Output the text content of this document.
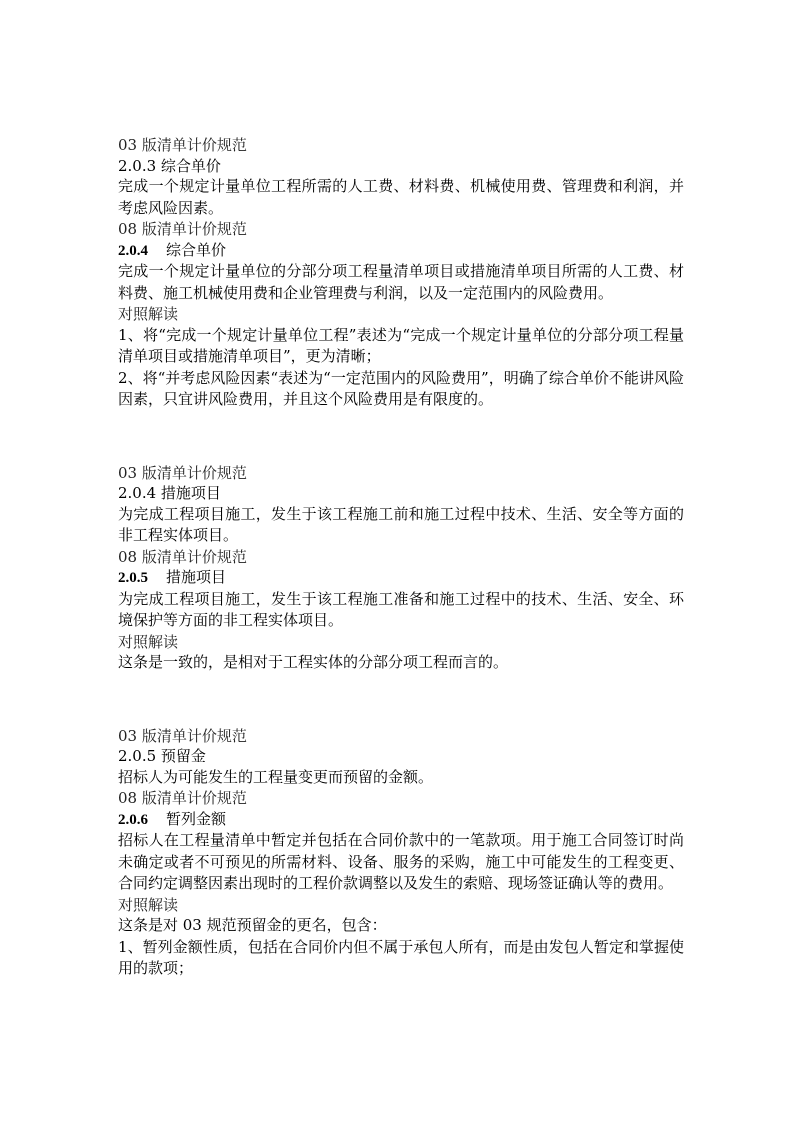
03 版清单计价规范
2.0.3 综合单价

完成一个规定计量单位工程所需的人工费、材料费、机械使用费、管理费和利润，并考虑风险因素。

08 版清单计价规范
2.0.4 综合单价

完成一个规定计量单位的分部分项工程量清单项目或措施清单项目所需的人工费、材料费、施工机械使用费和企业管理费与利润，以及一定范围内的风险费用。

对照解读

1、将“完成一个规定计量单位工程”表述为“完成一个规定计量单位的分部分项工程量清单项目或措施清单项目”，更为清晰；

2、将“并考虑风险因素“表述为“一定范围内的风险费用”，明确了综合单价不能讲风险因素，只宜讲风险费用，并且这个风险费用是有限度的。

03 版清单计价规范
2.0.4 措施项目

为完成工程项目施工，发生于该工程施工前和施工过程中技术、生活、安全等方面的非工程实体项目。

08 版清单计价规范
2.0.5 措施项目

为完成工程项目施工，发生于该工程施工准备和施工过程中的技术、生活、安全、环境保护等方面的非工程实体项目。

对照解读

这条是一致的，是相对于工程实体的分部分项工程而言的。

03 版清单计价规范
2.0.5 预留金

招标人为可能发生的工程量变更而预留的金额。

08 版清单计价规范
2.0.6 暂列金额

招标人在工程量清单中暂定并包括在合同价款中的一笔款项。用于施工合同签订时尚未确定或者不可预见的所需材料、设备、服务的采购，施工中可能发生的工程变更、合同约定调整因素出现时的工程价款调整以及发生的索赔、现场签证确认等的费用。

对照解读

这条是对 03 规范预留金的更名，包含：

1、暂列金额性质，包括在合同价内但不属于承包人所有，而是由发包人暂定和掌握使用的款项；
